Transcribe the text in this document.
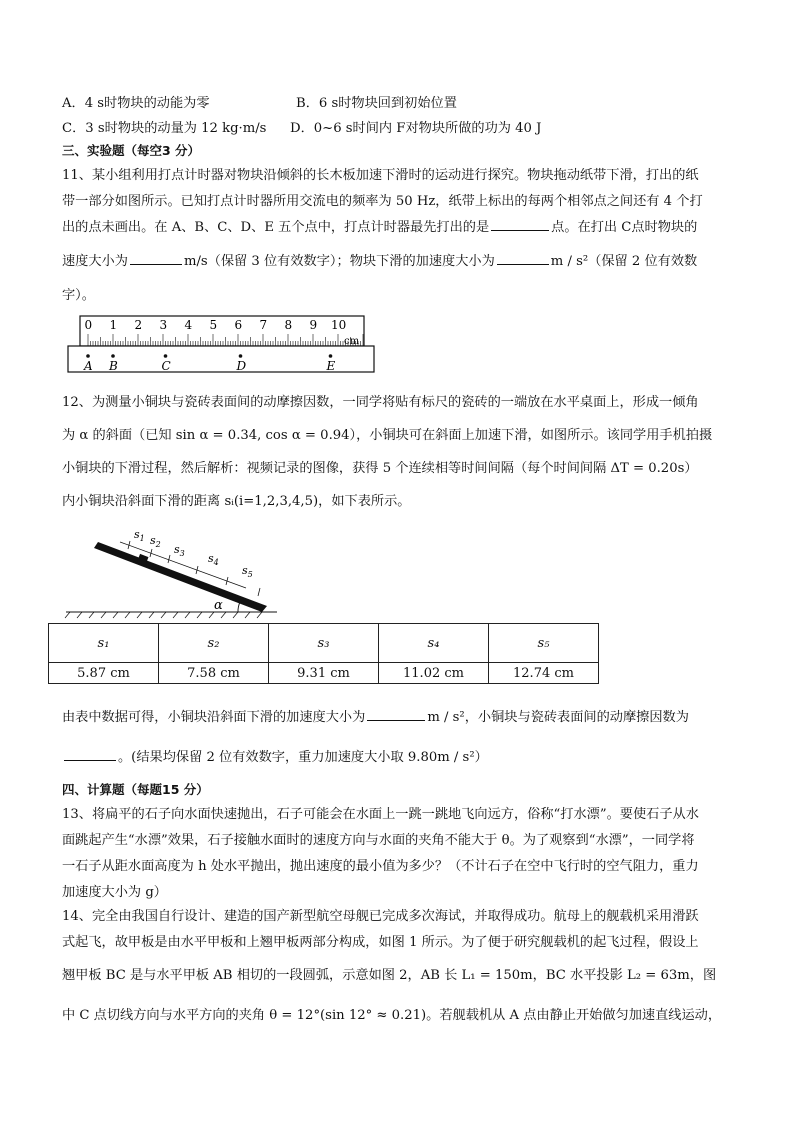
A．4 s时物块的动能为零	B．6 s时物块回到初始位置
C．3 s时物块的动量为 12 kg·m/s D．0~6 s时间内 F对物块所做的功为 40 J
三、实验题（每空3 分）
11、某小组利用打点计时器对物块沿倾斜的长木板加速下滑时的运动进行探究。物块拖动纸带下滑，打出的纸
带一部分如图所示。已知打点计时器所用交流电的频率为 50 Hz，纸带上标出的每两个相邻点之间还有 4 个打
出的点未画出。在 A、B、C、D、E 五个点中，打点计时器最先打出的是	点。在打出 C点时物块的
速度大小为	m/s（保留 3 位有效数字）；物块下滑的加速度大小为	m / s²（保留 2 位有效数
字）。
0 1 2 3 4 5 6 7 8 9 10
cm
A B	C	D	E
12、为测量小铜块与瓷砖表面间的动摩擦因数，一同学将贴有标尺的瓷砖的一端放在水平桌面上，形成一倾角
为 α 的斜面（已知 sin α = 0.34, cos α = 0.94），小铜块可在斜面上加速下滑，如图所示。该同学用手机拍摄
小铜块的下滑过程，然后解析：视频记录的图像，获得 5 个连续相等时间间隔（每个时间间隔 ΔT = 0.20s）
内小铜块沿斜面下滑的距离 sᵢ(i=1,2,3,4,5)，如下表所示。
$s_1$ $s_2$ $s_3$ $s_4$
$s_5$
α
s₁	s₂	s₃	s₄	s₅
5.87 cm	7.58 cm	9.31 cm	11.02 cm	12.74 cm
由表中数据可得，小铜块沿斜面下滑的加速度大小为	m / s²，小铜块与瓷砖表面间的动摩擦因数为
。(结果均保留 2 位有效数字，重力加速度大小取 9.80m / s²）
四、计算题（每题15 分）
13、将扁平的石子向水面快速抛出，石子可能会在水面上一跳一跳地飞向远方，俗称“打水漂”。要使石子从水
面跳起产生“水漂”效果，石子接触水面时的速度方向与水面的夹角不能大于 θ。为了观察到“水漂”，一同学将
一石子从距水面高度为 h 处水平抛出，抛出速度的最小值为多少？（不计石子在空中飞行时的空气阻力，重力
加速度大小为 g）
14、完全由我国自行设计、建造的国产新型航空母舰已完成多次海试，并取得成功。航母上的舰载机采用滑跃
式起飞，故甲板是由水平甲板和上翘甲板两部分构成，如图 1 所示。为了便于研究舰载机的起飞过程，假设上
翘甲板 BC 是与水平甲板 AB 相切的一段圆弧，示意如图 2，AB 长 L₁ = 150m，BC 水平投影 L₂ = 63m，图
中 C 点切线方向与水平方向的夹角 θ = 12°(sin 12° ≈ 0.21)。若舰载机从 A 点由静止开始做匀加速直线运动，
